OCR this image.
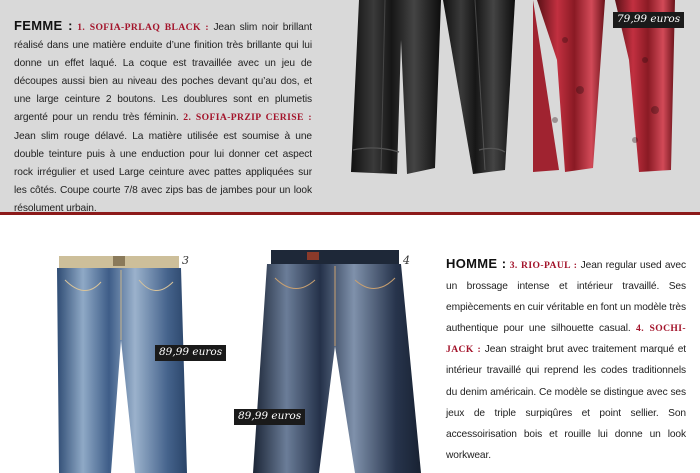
FEMME : 1. SOFIA-PRLAQ BLACK : Jean slim noir brillant réalisé dans une matière enduite d’une finition très brillante qui lui donne un effet laqué. La coque est travaillée avec un jeu de découpes aussi bien au niveau des poches devant qu’au dos, et une large ceinture 2 boutons. Les doublures sont en plumetis argenté pour un rendu très féminin. 2. SOFIA-PRZIP CERISE : Jean slim rouge délavé. La matière utilisée est soumise à une double teinture puis à une enduction pour lui donner cet aspect rock irrégulier et used Large ceinture avec pattes appliquées sur les côtés. Coupe courte 7/8 avec zips bas de jambes pour un look résolument urbain.

79,99 euros
3
89,99 euros
4
89,99 euros

HOMME : 3. RIO-PAUL : Jean regular used avec un brossage intense et intérieur travaillé. Ses empiècements en cuir véritable en font un modèle très authentique pour une silhouette casual. 4. SOCHI-JACK : Jean straight brut avec traitement marqué et intérieur travaillé qui reprend les codes traditionnels du denim américain. Ce modèle se distingue avec ses jeux de triple surpiqûres et point sellier. Son accessoirisation bois et rouille lui donne un look workwear.
